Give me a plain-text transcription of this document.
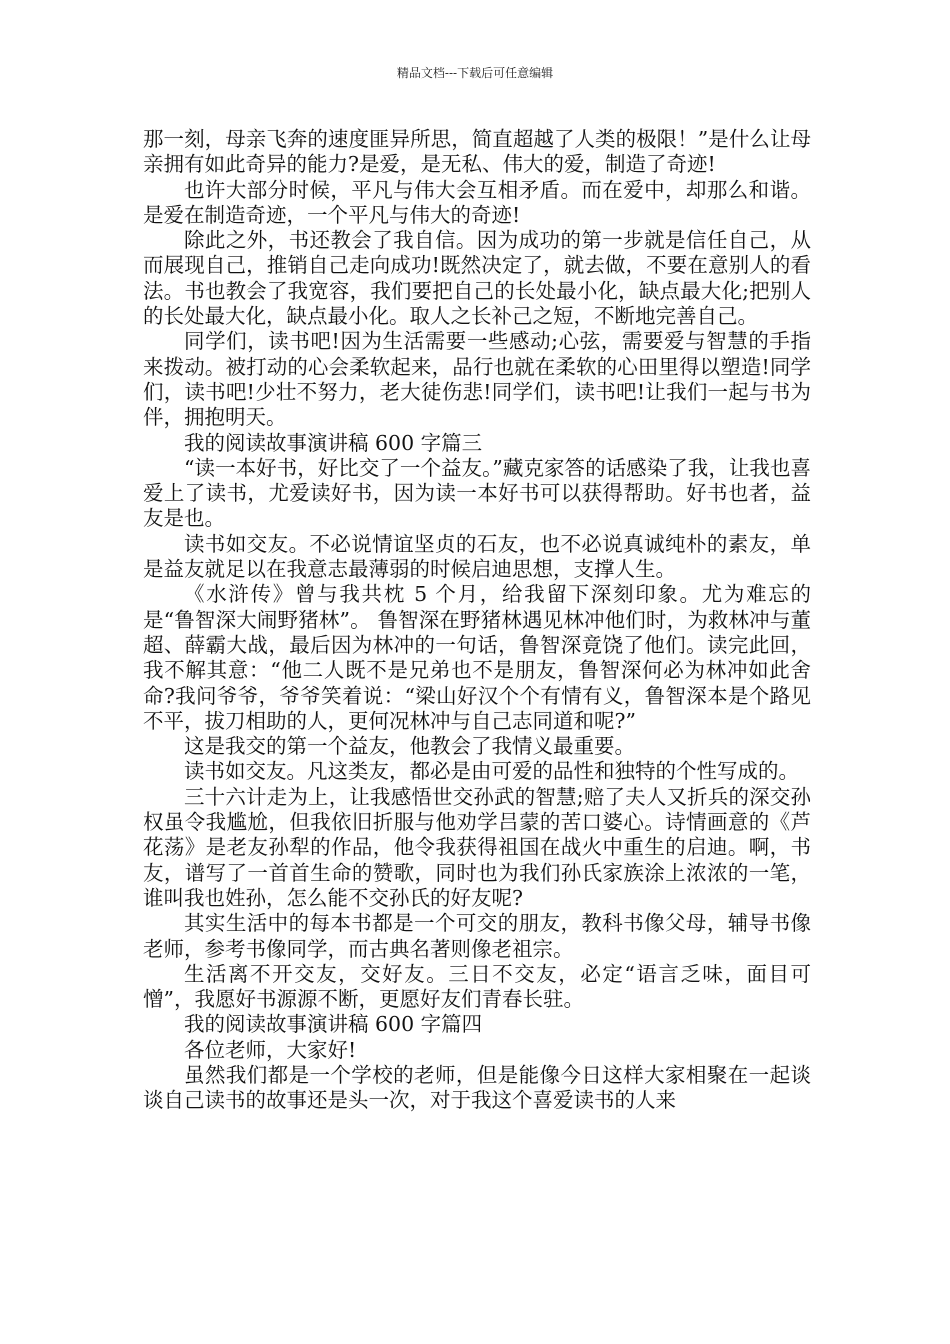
精品文档---下载后可任意编辑

那一刻，母亲飞奔的速度匪异所思，简直超越了人类的极限！”是什么让母亲拥有如此奇异的能力?是爱，是无私、伟大的爱，制造了奇迹!

也许大部分时候，平凡与伟大会互相矛盾。而在爱中，却那么和谐。是爱在制造奇迹，一个平凡与伟大的奇迹!

除此之外，书还教会了我自信。因为成功的第一步就是信任自己，从而展现自己，推销自己走向成功!既然决定了，就去做，不要在意别人的看法。书也教会了我宽容，我们要把自己的长处最小化，缺点最大化;把别人的长处最大化，缺点最小化。取人之长补己之短，不断地完善自己。

同学们，读书吧!因为生活需要一些感动;心弦，需要爱与智慧的手指来拨动。被打动的心会柔软起来，品行也就在柔软的心田里得以塑造!同学们，读书吧!少壮不努力，老大徒伤悲!同学们，读书吧!让我们一起与书为伴，拥抱明天。

我的阅读故事演讲稿 600 字篇三

“读一本好书，好比交了一个益友。”藏克家答的话感染了我，让我也喜爱上了读书，尤爱读好书，因为读一本好书可以获得帮助。好书也者，益友是也。

读书如交友。不必说情谊坚贞的石友，也不必说真诚纯朴的素友，单是益友就足以在我意志最薄弱的时候启迪思想，支撑人生。

《水浒传》曾与我共枕 5 个月，给我留下深刻印象。尤为难忘的是“鲁智深大闹野猪林”。 鲁智深在野猪林遇见林冲他们时，为救林冲与董超、薛霸大战，最后因为林冲的一句话，鲁智深竟饶了他们。读完此回，我不解其意：“他二人既不是兄弟也不是朋友，鲁智深何必为林冲如此舍命?我问爷爷，爷爷笑着说：“梁山好汉个个有情有义，鲁智深本是个路见不平，拔刀相助的人，更何况林冲与自己志同道和呢?”

这是我交的第一个益友，他教会了我情义最重要。

读书如交友。凡这类友，都必是由可爱的品性和独特的个性写成的。

三十六计走为上，让我感悟世交孙武的智慧;赔了夫人又折兵的深交孙权虽令我尴尬，但我依旧折服与他劝学吕蒙的苦口婆心。诗情画意的《芦花荡》是老友孙犁的作品，他令我获得祖国在战火中重生的启迪。啊，书友，谱写了一首首生命的赞歌，同时也为我们孙氏家族涂上浓浓的一笔，谁叫我也姓孙，怎么能不交孙氏的好友呢?

其实生活中的每本书都是一个可交的朋友，教科书像父母，辅导书像老师，参考书像同学，而古典名著则像老祖宗。

生活离不开交友，交好友。三日不交友，必定“语言乏味，面目可憎”，我愿好书源源不断，更愿好友们青春长驻。

我的阅读故事演讲稿 600 字篇四

各位老师，大家好!

虽然我们都是一个学校的老师，但是能像今日这样大家相聚在一起谈谈自己读书的故事还是头一次，对于我这个喜爱读书的人来
